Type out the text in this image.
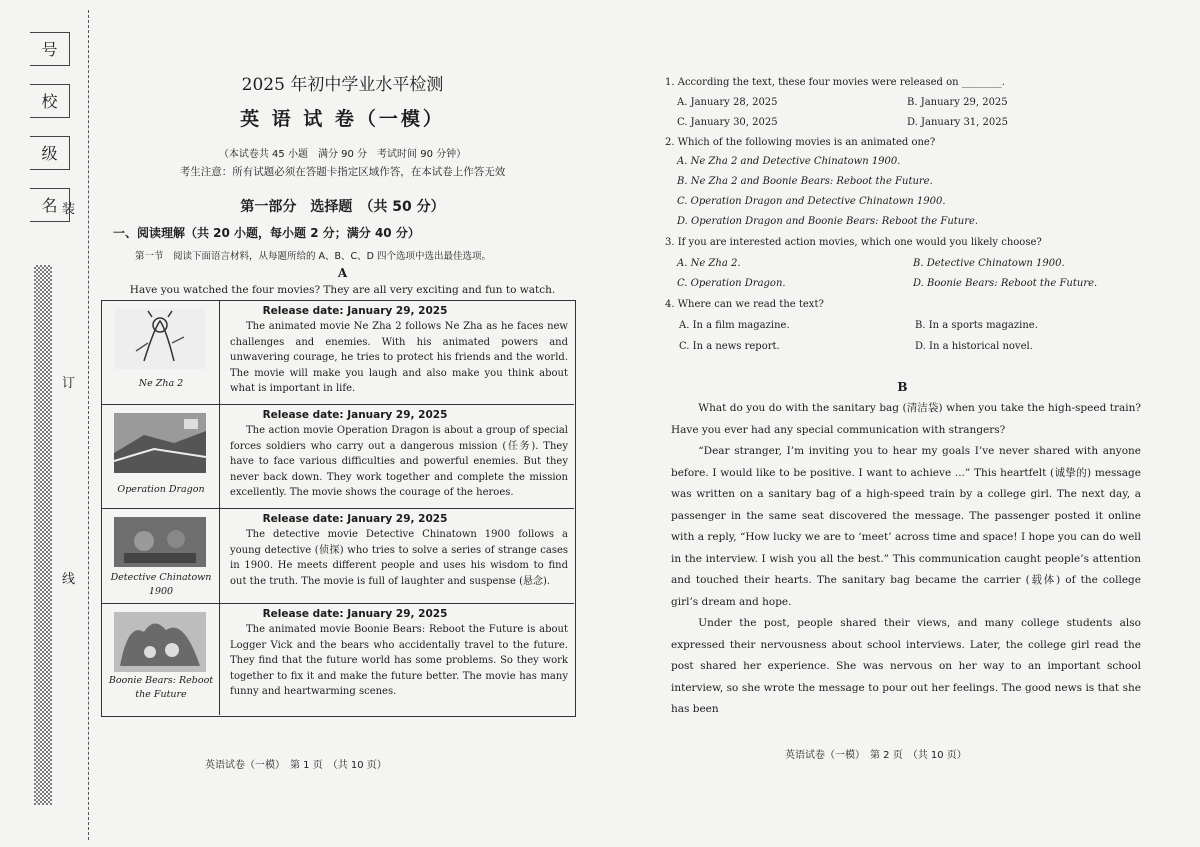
号
校
级
名 装
订
线
2025 年初中学业水平检测
英 语 试 卷（一模）
（本试卷共 45 小题　满分 90 分　考试时间 90 分钟）
考生注意：所有试题必须在答题卡指定区域作答，在本试卷上作答无效
第一部分　选择题　（共 50 分）
一、阅读理解（共 20 小题，每小题 2 分；满分 40 分）
第一节　阅读下面语言材料，从每题所给的 A、B、C、D 四个选项中选出最佳选项。
A
Have you watched the four movies? They are all very exciting and fun to watch.
Ne Zha 2
Release date: January 29, 2025
The animated movie Ne Zha 2 follows Ne Zha as he faces new challenges and enemies. With his animated powers and unwavering courage, he tries to protect his friends and the world. The movie will make you laugh and also make you think about what is important in life.
Operation Dragon
Release date: January 29, 2025
The action movie Operation Dragon is about a group of special forces soldiers who carry out a dangerous mission (任务). They have to face various difficulties and powerful enemies. But they never back down. They work together and complete the mission excellently. The movie shows the courage of the heroes.
Detective Chinatown 1900
Release date: January 29, 2025
The detective movie Detective Chinatown 1900 follows a young detective (侦探) who tries to solve a series of strange cases in 1900. He meets different people and uses his wisdom to find out the truth. The movie is full of laughter and suspense (悬念).
Boonie Bears: Reboot the Future
Release date: January 29, 2025
The animated movie Boonie Bears: Reboot the Future is about Logger Vick and the bears who accidentally travel to the future. They find that the future world has some problems. So they work together to fix it and make the future better. The movie has many funny and heartwarming scenes.
英语试卷（一模）　第 1 页　（共 10 页）
1. According the text, these four movies were released on ________.
A. January 28, 2025	B. January 29, 2025
C. January 30, 2025	D. January 31, 2025
2. Which of the following movies is an animated one?
A. Ne Zha 2 and Detective Chinatown 1900.
B. Ne Zha 2 and Boonie Bears: Reboot the Future.
C. Operation Dragon and Detective Chinatown 1900.
D. Operation Dragon and Boonie Bears: Reboot the Future.
3. If you are interested action movies, which one would you likely choose?
A. Ne Zha 2.	B. Detective Chinatown 1900.
C. Operation Dragon.	D. Boonie Bears: Reboot the Future.
4. Where can we read the text?
A. In a film magazine.	B. In a sports magazine.
C. In a news report.	D. In a historical novel.
B

What do you do with the sanitary bag (清洁袋) when you take the high-speed train? Have you ever had any special communication with strangers?

“Dear stranger, I’m inviting you to hear my goals I’ve never shared with anyone before. I would like to be positive. I want to achieve ...” This heartfelt (诚挚的) message was written on a sanitary bag of a high-speed train by a college girl. The next day, a passenger in the same seat discovered the message. The passenger posted it online with a reply, “How lucky we are to ‘meet’ across time and space! I hope you can do well in the interview. I wish you all the best.” This communication caught people’s attention and touched their hearts. The sanitary bag became the carrier (载体) of the college girl’s dream and hope.

Under the post, people shared their views, and many college students also expressed their nervousness about school interviews. Later, the college girl read the post shared her experience. She was nervous on her way to an important school interview, so she wrote the message to pour out her feelings. The good news is that she has been

英语试卷（一模）　第 2 页　（共 10 页）
